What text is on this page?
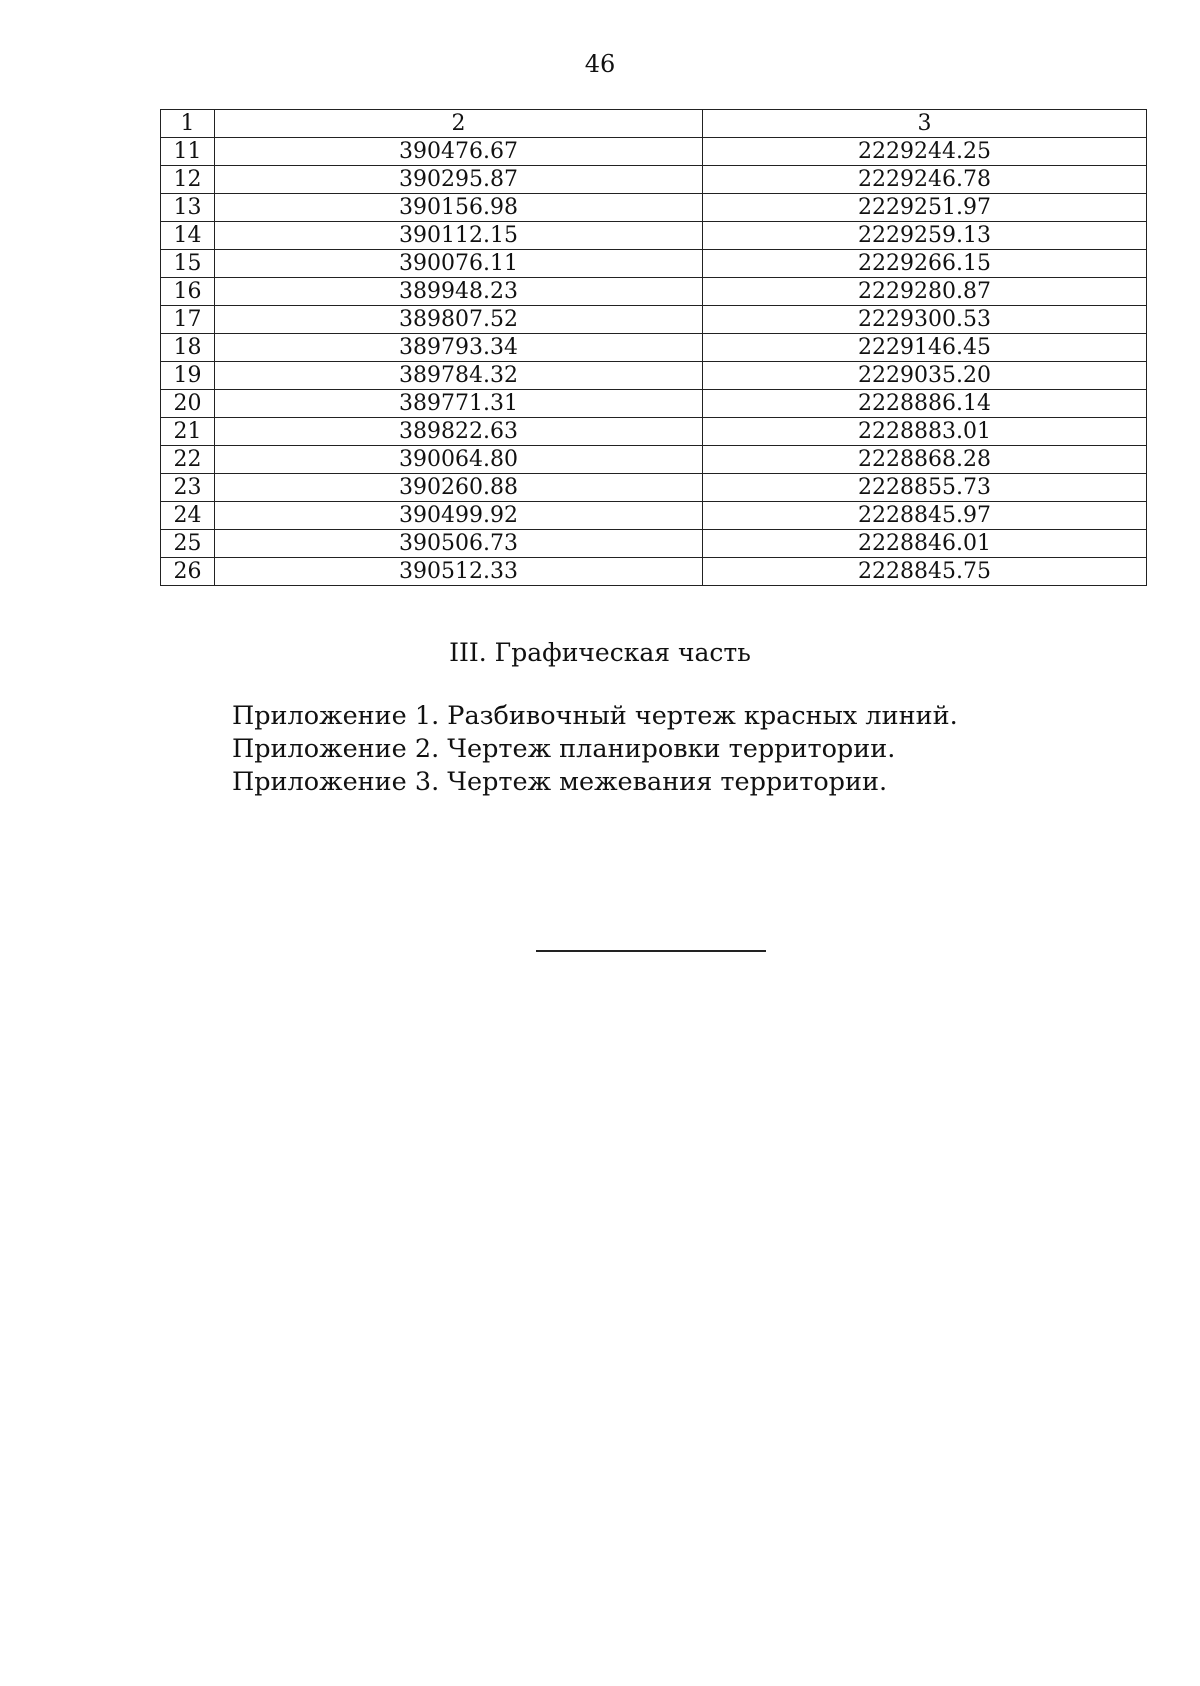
46
1	2	3
11	390476.67	2229244.25
12	390295.87	2229246.78
13	390156.98	2229251.97
14	390112.15	2229259.13
15	390076.11	2229266.15
16	389948.23	2229280.87
17	389807.52	2229300.53
18	389793.34	2229146.45
19	389784.32	2229035.20
20	389771.31	2228886.14
21	389822.63	2228883.01
22	390064.80	2228868.28
23	390260.88	2228855.73
24	390499.92	2228845.97
25	390506.73	2228846.01
26	390512.33	2228845.75
III. Графическая часть
Приложение 1. Разбивочный чертеж красных линий.
Приложение 2. Чертеж планировки территории.
Приложение 3. Чертеж межевания территории.
